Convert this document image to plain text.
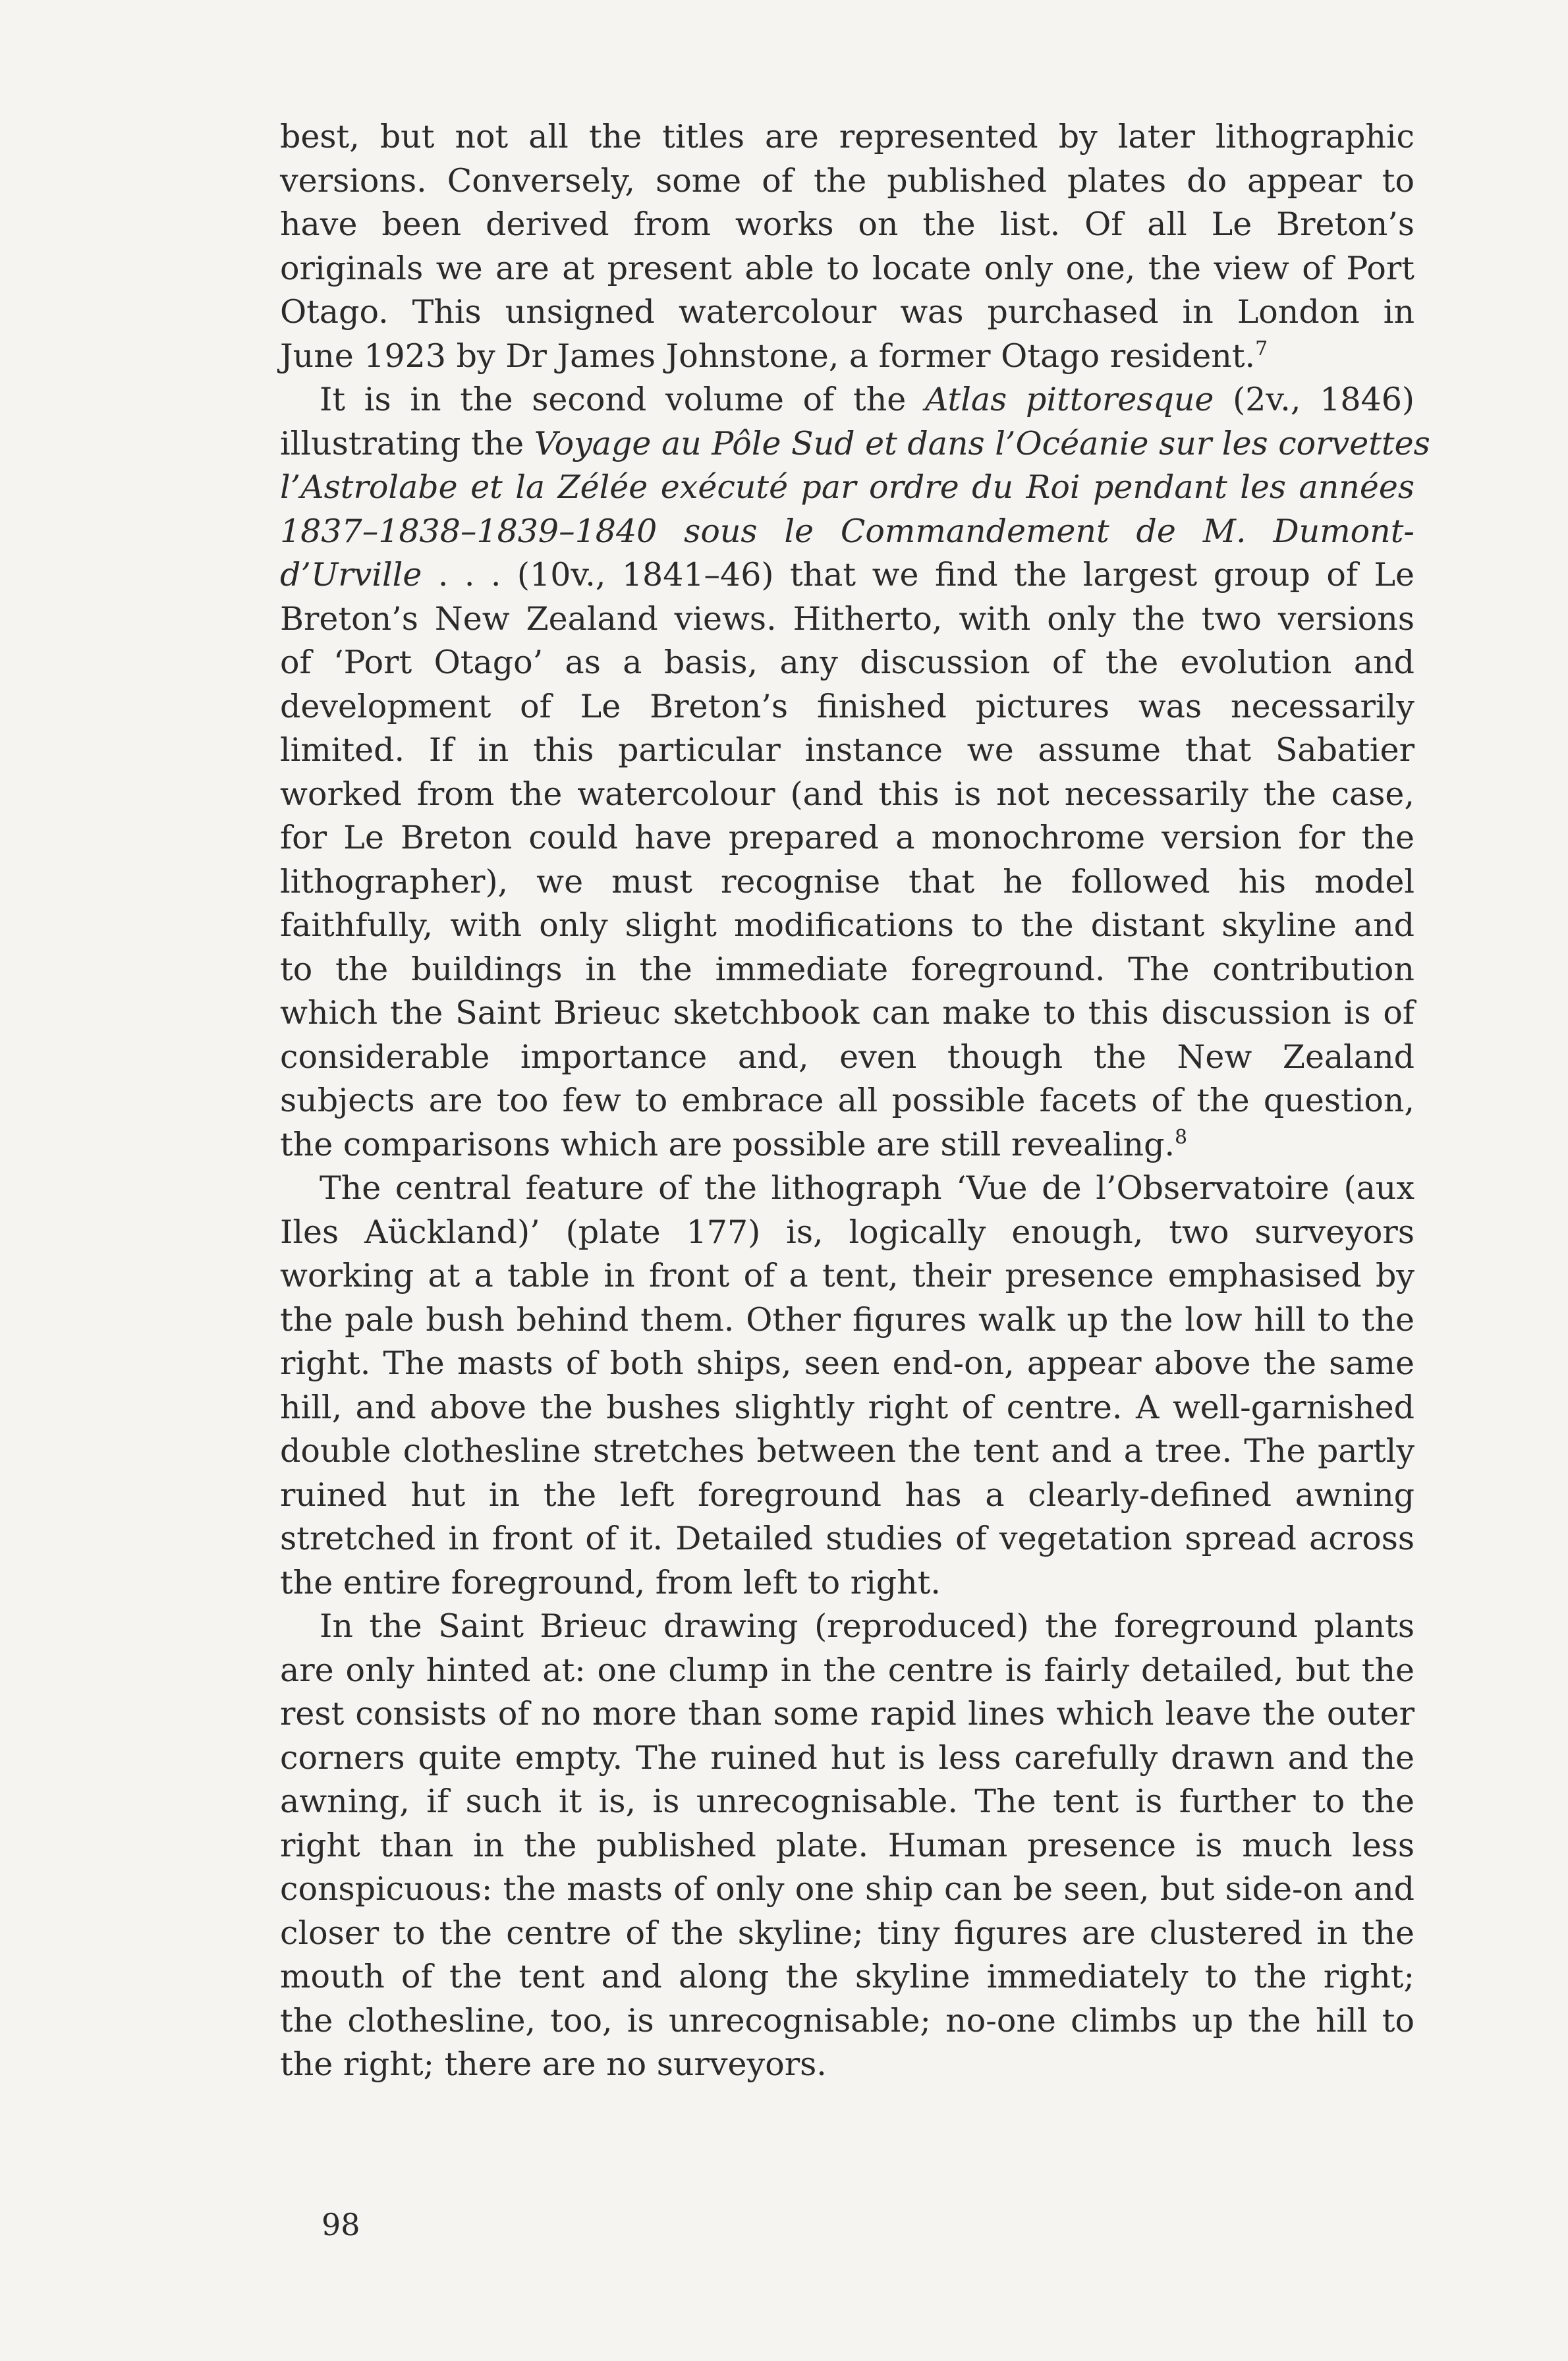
best, but not all the titles are represented by later lithographic
versions. Conversely, some of the published plates do appear to
have been derived from works on the list. Of all Le Breton’s
originals we are at present able to locate only one, the view of Port
Otago. This unsigned watercolour was purchased in London in
June 1923 by Dr James Johnstone, a former Otago resident.$^7$

It is in the second volume of the Atlas pittoresque (2v., 1846)
illustrating the Voyage au Pôle Sud et dans l’Océanie sur les corvettes
l’Astrolabe et la Zélée exécuté par ordre du Roi pendant les années
1837–1838–1839–1840 sous le Commandement de M. Dumont-
d’Urville . . . (10v., 1841–46) that we find the largest group of Le
Breton’s New Zealand views. Hitherto, with only the two versions
of ‘Port Otago’ as a basis, any discussion of the evolution and
development of Le Breton’s finished pictures was necessarily
limited. If in this particular instance we assume that Sabatier
worked from the watercolour (and this is not necessarily the case,
for Le Breton could have prepared a monochrome version for the
lithographer), we must recognise that he followed his model
faithfully, with only slight modifications to the distant skyline and
to the buildings in the immediate foreground. The contribution
which the Saint Brieuc sketchbook can make to this discussion is of
considerable importance and, even though the New Zealand
subjects are too few to embrace all possible facets of the question,
the comparisons which are possible are still revealing.$^8$

The central feature of the lithograph ‘Vue de l’Observatoire (aux
Iles Aückland)’ (plate 177) is, logically enough, two surveyors
working at a table in front of a tent, their presence emphasised by
the pale bush behind them. Other figures walk up the low hill to the
right. The masts of both ships, seen end-on, appear above the same
hill, and above the bushes slightly right of centre. A well-garnished
double clothesline stretches between the tent and a tree. The partly
ruined hut in the left foreground has a clearly-defined awning
stretched in front of it. Detailed studies of vegetation spread across
the entire foreground, from left to right.

In the Saint Brieuc drawing (reproduced) the foreground plants
are only hinted at: one clump in the centre is fairly detailed, but the
rest consists of no more than some rapid lines which leave the outer
corners quite empty. The ruined hut is less carefully drawn and the
awning, if such it is, is unrecognisable. The tent is further to the
right than in the published plate. Human presence is much less
conspicuous: the masts of only one ship can be seen, but side-on and
closer to the centre of the skyline; tiny figures are clustered in the
mouth of the tent and along the skyline immediately to the right;
the clothesline, too, is unrecognisable; no-one climbs up the hill to
the right; there are no surveyors.

98
